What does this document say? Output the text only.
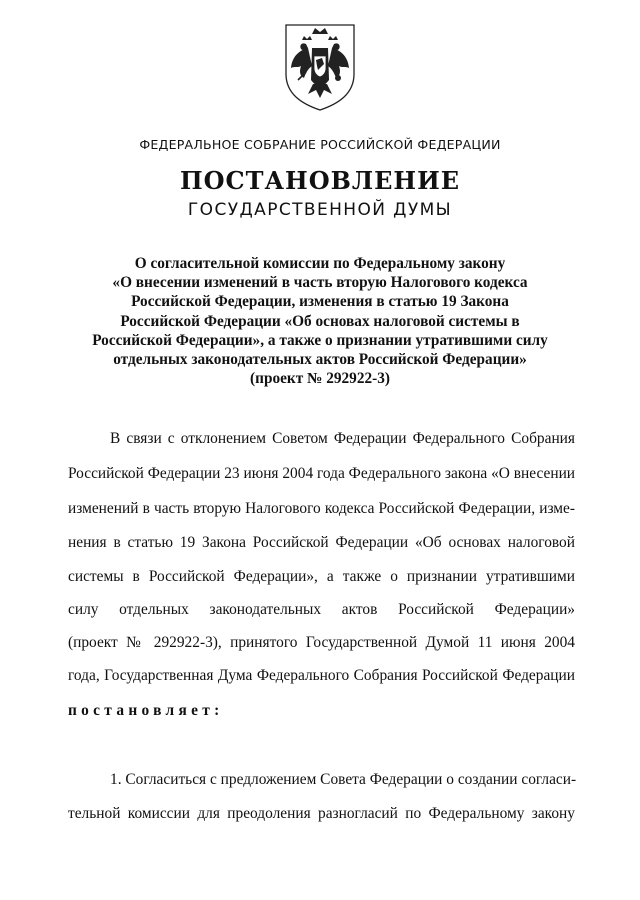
ФЕДЕРАЛЬНОЕ СОБРАНИЕ РОССИЙСКОЙ ФЕДЕРАЦИИ
ПОСТАНОВЛЕНИЕ
ГОСУДАРСТВЕННОЙ ДУМЫ
О согласительной комиссии по Федеральному закону
«О внесении изменений в часть вторую Налогового кодекса
Российской Федерации, изменения в статью 19 Закона
Российской Федерации «Об основах налоговой системы в
Российской Федерации», а также о признании утратившими силу
отдельных законодательных актов Российской Федерации»
(проект № 292922-3)
В связи с отклонением Советом Федерации Федерального Собрания
Российской Федерации 23 июня 2004 года Федерального закона «О внесении
изменений в часть вторую Налогового кодекса Российской Федерации, изме-
нения в статью 19 Закона Российской Федерации «Об основах налоговой
системы в Российской Федерации», а также о признании утратившими
силу отдельных законодательных актов Российской Федерации»
(проект № 292922-3), принятого Государственной Думой 11 июня 2004
года, Государственная Дума Федерального Собрания Российской Федерации
постановляет:
1. Согласиться с предложением Совета Федерации о создании согласи-
тельной комиссии для преодоления разногласий по Федеральному закону
